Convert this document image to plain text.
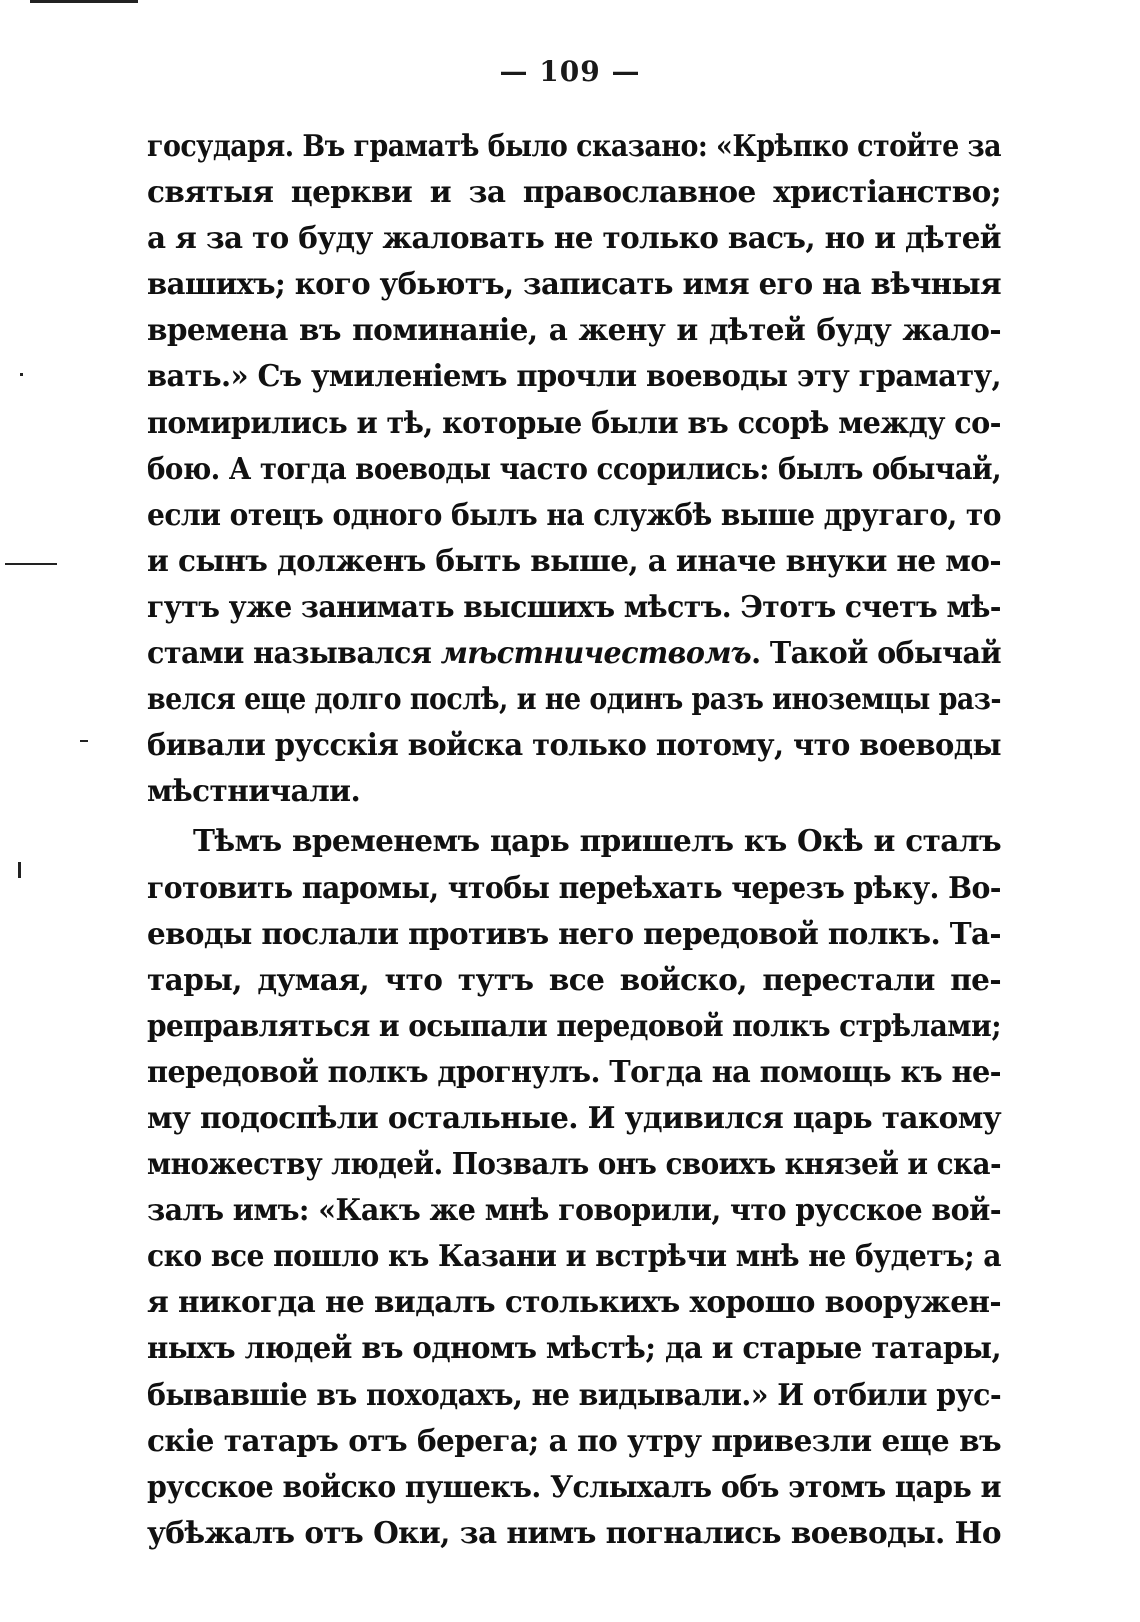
— 109 —
государя. Въ граматѣ было сказано: «Крѣпко стойте за
святыя церкви и за православное христіанство;
а я за то буду жаловать не только васъ, но и дѣтей
вашихъ; кого убьютъ, записать имя его на вѣчныя
времена въ поминаніе, а жену и дѣтей буду жало-
вать.» Съ умиленіемъ прочли воеводы эту грамату,
помирились и тѣ, которые были въ ссорѣ между со-
бою. А тогда воеводы часто ссорились: былъ обычай,
если отецъ одного былъ на службѣ выше другаго, то
и сынъ долженъ быть выше, а иначе внуки не мо-
гутъ уже занимать высшихъ мѣстъ. Этотъ счетъ мѣ-
стами назывался мѣстничествомъ. Такой обычай
велся еще долго послѣ, и не одинъ разъ иноземцы раз-
бивали русскія войска только потому, что воеводы
мѣстничали.
Тѣмъ временемъ царь пришелъ къ Окѣ и сталъ
готовить паромы, чтобы переѣхать черезъ рѣку. Во-
еводы послали противъ него передовой полкъ. Та-
тары, думая, что тутъ все войско, перестали пе-
реправляться и осыпали передовой полкъ стрѣлами;
передовой полкъ дрогнулъ. Тогда на помощь къ не-
му подоспѣли остальные. И удивился царь такому
множеству людей. Позвалъ онъ своихъ князей и ска-
залъ имъ: «Какъ же мнѣ говорили, что русское вой-
ско все пошло къ Казани и встрѣчи мнѣ не будетъ; а
я никогда не видалъ столькихъ хорошо вооружен-
ныхъ людей въ одномъ мѣстѣ; да и старые татары,
бывавшіе въ походахъ, не видывали.» И отбили рус-
скіе татаръ отъ берега; а по утру привезли еще въ
русское войско пушекъ. Услыхалъ объ этомъ царь и
убѣжалъ отъ Оки, за нимъ погнались воеводы. Но
